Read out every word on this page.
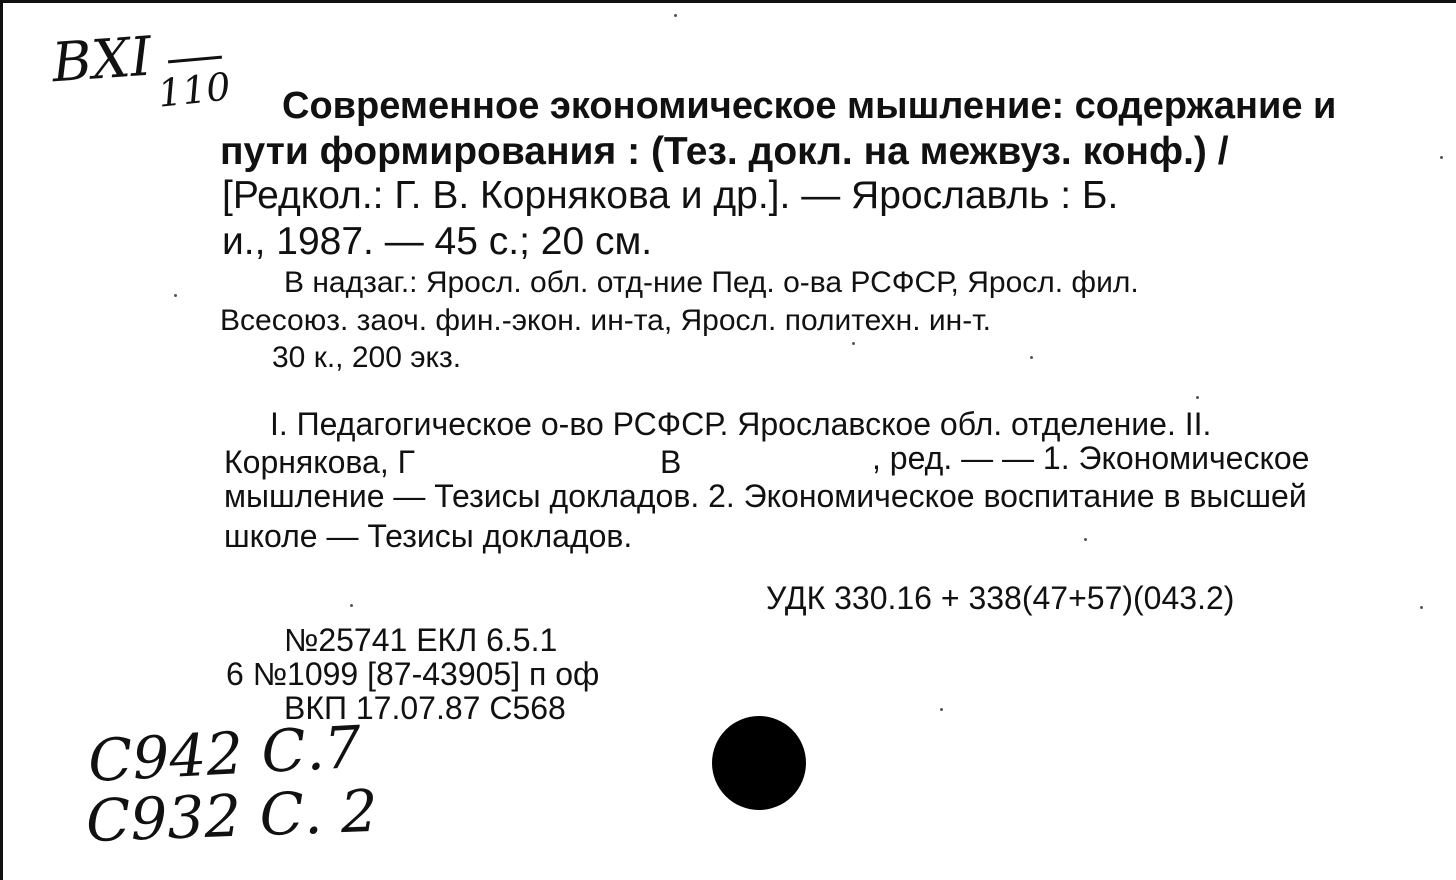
BXI 110 Современное экономическое мышление: содержание и
пути формирования : (Тез. докл. на межвуз. конф.) /
[Редкол.: Г. В. Корнякова и др.]. — Ярославль : Б.
и., 1987. — 45 с.; 20 см.
В надзаг.: Яросл. обл. отд-ние Пед. о-ва РСФСР, Яросл. фил.
Всесоюз. заоч. фин.-экон. ин-та, Яросл. политехн. ин-т.
30 к., 200 экз.
I. Педагогическое о-во РСФСР. Ярославское обл. отделение. II.
Корнякова, Г	В	, ред. — — 1. Экономическое
мышление — Тезисы докладов. 2. Экономическое воспитание в высшей
школе — Тезисы докладов.
УДК 330.16 + 338(47+57)(043.2)
№25741 ЕКЛ 6.5.1
6 №1099 [87-43905] п оф
ВКП 17.07.87 С568
С942 С.7
С932 С. 2
